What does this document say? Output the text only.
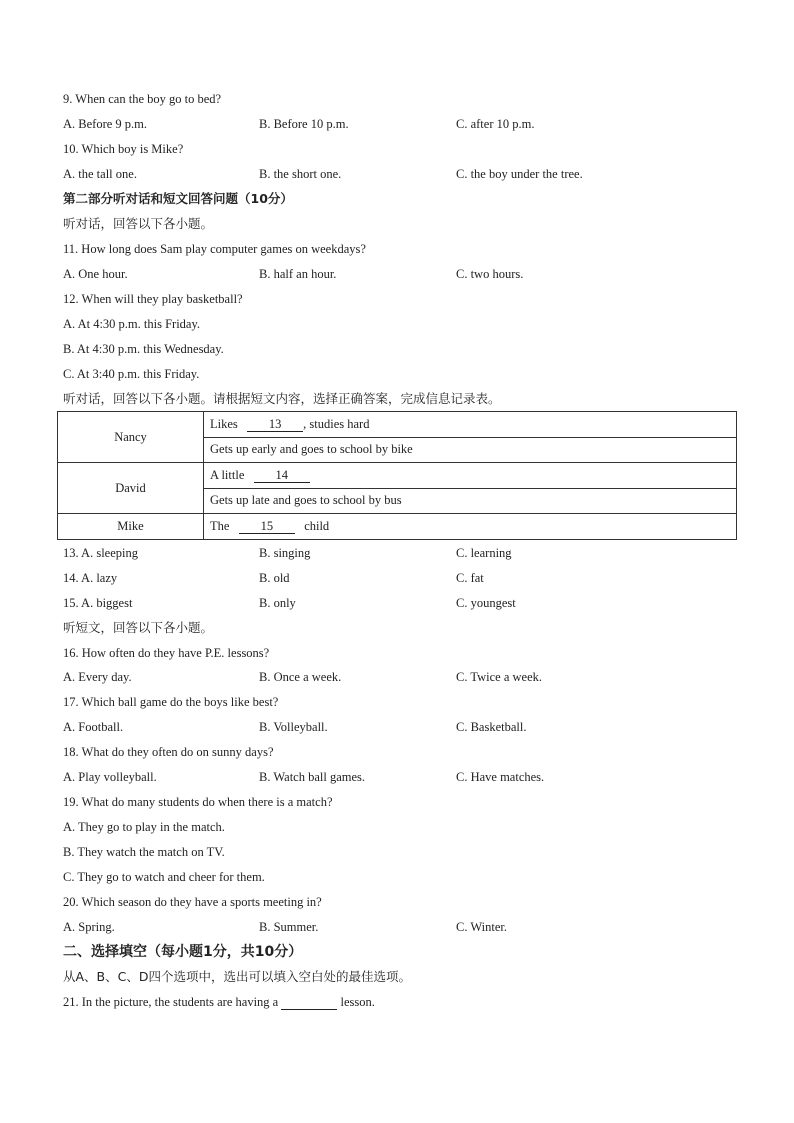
9. When can the boy go to bed?
A. Before 9 p.m.	B. Before 10 p.m.	C. after 10 p.m.
10. Which boy is Mike?
A. the tall one.	B. the short one.	C. the boy under the tree.
第二部分听对话和短文回答问题（10分）
听对话，回答以下各小题。
11. How long does Sam play computer games on weekdays?
A. One hour.	B. half an hour.	C. two hours.
12. When will they play basketball?
A. At 4:30 p.m. this Friday.
B. At 4:30 p.m. this Wednesday.
C. At 3:40 p.m. this Friday.
听对话，回答以下各小题。请根据短文内容，选择正确答案，完成信息记录表。
Nancy	Likes 13 , studies hard
	Gets up early and goes to school by bike
David	A little 14
	Gets up late and goes to school by bus
Mike	The 15 child
13. A. sleeping	B. singing	C. learning
14. A. lazy	B. old	C. fat
15. A. biggest	B. only	C. youngest
听短文，回答以下各小题。
16. How often do they have P.E. lessons?
A. Every day.	B. Once a week.	C. Twice a week.
17. Which ball game do the boys like best?
A. Football.	B. Volleyball.	C. Basketball.
18. What do they often do on sunny days?
A. Play volleyball.	B. Watch ball games.	C. Have matches.
19. What do many students do when there is a match?
A. They go to play in the match.
B. They watch the match on TV.
C. They go to watch and cheer for them.
20. Which season do they have a sports meeting in?
A. Spring.	B. Summer.	C. Winter.
二、选择填空（每小题1分，共10分）
从A、B、C、D四个选项中，选出可以填入空白处的最佳选项。
21. In the picture, the students are having a	lesson.
